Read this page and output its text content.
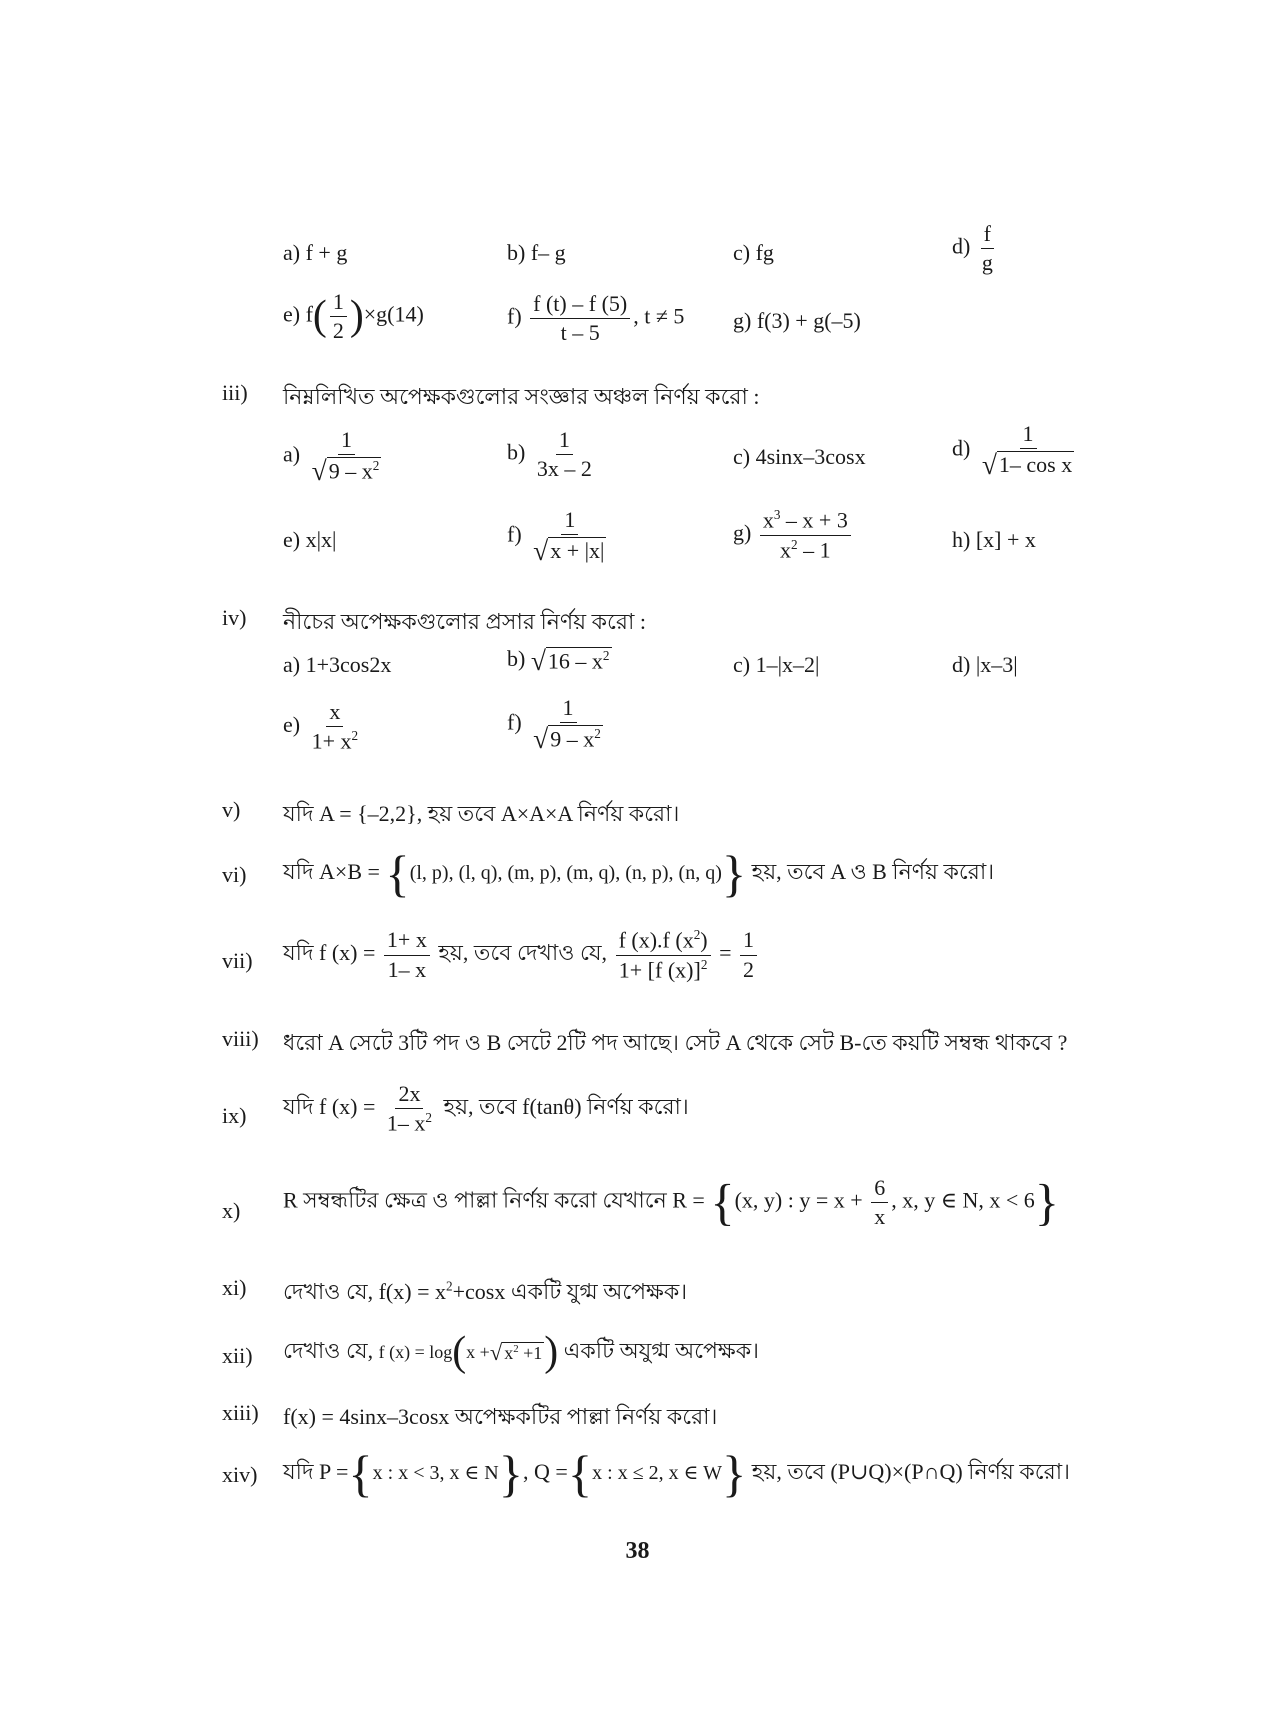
a) f + g	b) f– g	c) fg	$d) \frac{f}{g}$
e) $f( \frac{1}{2} )\times g(14)$	$f) \frac{f (t) - f (5)}{t - 5}$ , t ≠ 5 g) f(3) + g(–5)
iii) নিম্নলিখিত অপেক্ষকগুলোর সংজ্ঞার অঞ্চল নির্ণয় করো :
$a) \frac{1}{√ 9 - x^2}$	$b) \frac{1}{3x - 2}$	c) 4sinx–3cosx	$d) \frac{1}{\text{√ 1– cos x}}$
e) x|x|	$f) \frac{1}{√ x + |x|}$	$g) \frac{x^3 - x + 3}{x^2 - 1}$	h) [x] + x
iv) নীচের অপেক্ষকগুলোর প্রসার নির্ণয় করো :
a) 1+3cos2x	b) √ $16 - x^2$	c) 1–|x–2|	d) |x–3|
$e) \frac{x}{1+ x^2}$	$f) \frac{1}{√ 9 - x^2}$
v) যদি A = {–2,2}, হয় তবে A×A×A নির্ণয় করো।
vi) যদি A×B = {(l, p), (l, q), (m, p), (m, q), (n, p), (n, q)} হয়, তবে A ও B নির্ণয় করো।
vii) যদি f $(x) = \frac{1+ x}{1- x}$ হয়, তবে দেখাও যে, $\frac{f (x).f (x^2)}{1+ [f (x)]^2} = \frac{1}{2}$
viii) ধরো A সেটে 3টি পদ ও B সেটে 2টি পদ আছে। সেট A থেকে সেট B-তে কয়টি সম্বন্ধ থাকবে ?
ix) যদি f $(x) = \frac{2x}{1- x^2}$ হয়, তবে f(tanθ) নির্ণয় করো।
x) R সম্বন্ধটির ক্ষেত্র ও পাল্লা নির্ণয় করো যেখানে R = {(x, y) : $y = x + \frac{6}{x}$ , x, y ∈ N, x < 6}
xi) দেখাও যে, $f(x) = x^2+\cos x$ একটি যুগ্ম অপেক্ষক।
xii) দেখাও যে, f (x) = log(x + √ $x^2 +1$ ) একটি অযুগ্ম অপেক্ষক।
xiii) f(x) = 4sinx–3cosx অপেক্ষকটির পাল্লা নির্ণয় করো।
xiv) যদি P ={x : x < 3, x ∈ N}, Q ={x : x ≤ 2, x ∈ W} হয়, তবে (P∪Q)×(P∩Q) নির্ণয় করো।
38
